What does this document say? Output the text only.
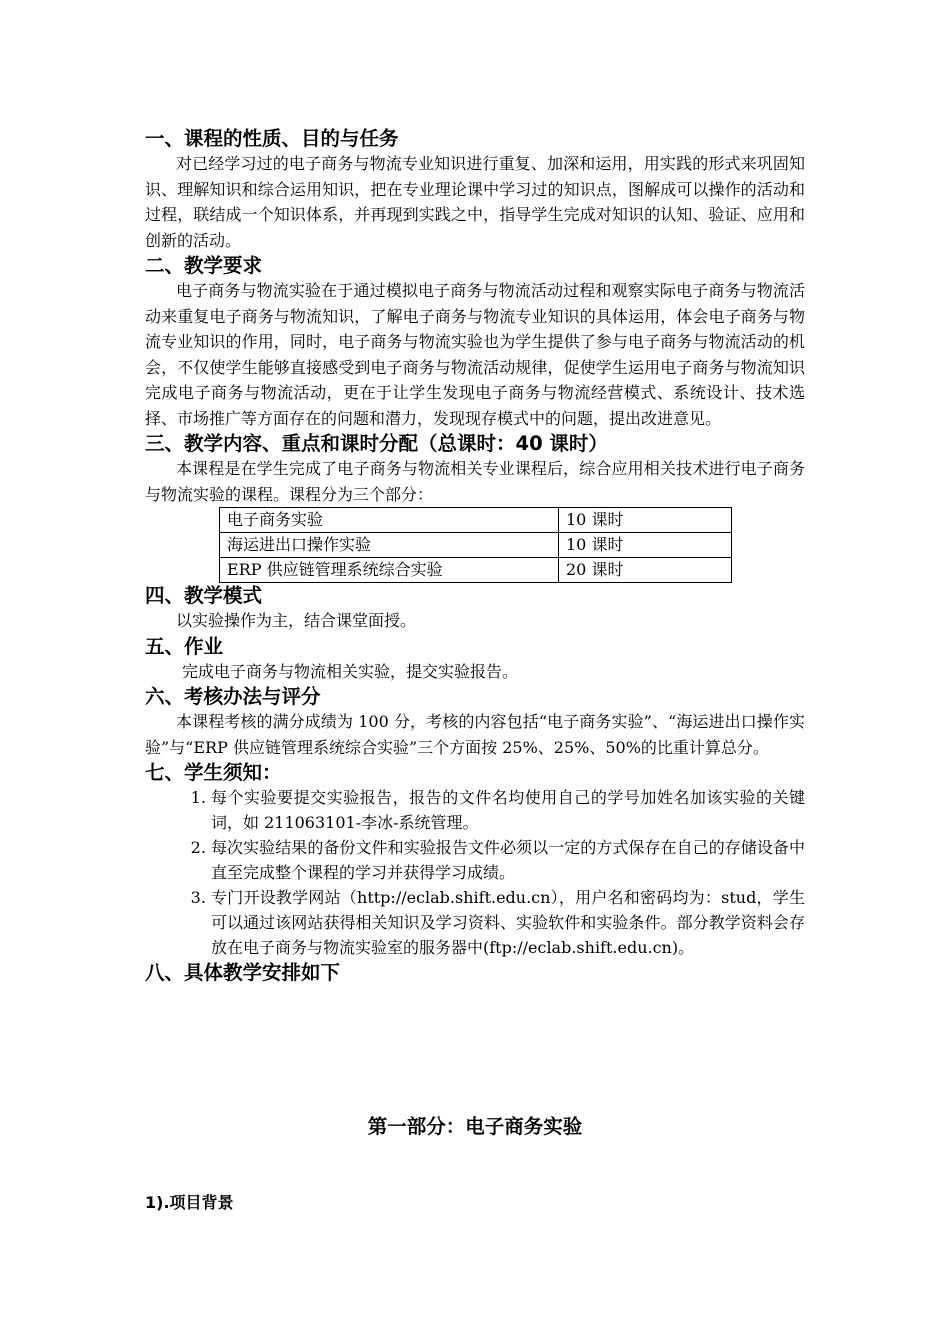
一、课程的性质、目的与任务

对已经学习过的电子商务与物流专业知识进行重复、加深和运用，用实践的形式来巩固知识、理解知识和综合运用知识，把在专业理论课中学习过的知识点，图解成可以操作的活动和过程，联结成一个知识体系，并再现到实践之中，指导学生完成对知识的认知、验证、应用和创新的活动。

二、教学要求

电子商务与物流实验在于通过模拟电子商务与物流活动过程和观察实际电子商务与物流活动来重复电子商务与物流知识，了解电子商务与物流专业知识的具体运用，体会电子商务与物流专业知识的作用，同时，电子商务与物流实验也为学生提供了参与电子商务与物流活动的机会，不仅使学生能够直接感受到电子商务与物流活动规律，促使学生运用电子商务与物流知识完成电子商务与物流活动，更在于让学生发现电子商务与物流经营模式、系统设计、技术选择、市场推广等方面存在的问题和潜力，发现现存模式中的问题，提出改进意见。

三、教学内容、重点和课时分配（总课时：40 课时）

本课程是在学生完成了电子商务与物流相关专业课程后，综合应用相关技术进行电子商务与物流实验的课程。课程分为三个部分：

电子商务实验	10 课时
海运进出口操作实验	10 课时
ERP 供应链管理系统综合实验	20 课时
四、教学模式

以实验操作为主，结合课堂面授。

五、作业

完成电子商务与物流相关实验，提交实验报告。

六、考核办法与评分

本课程考核的满分成绩为 100 分，考核的内容包括“电子商务实验”、“海运进出口操作实验”与“ERP 供应链管理系统综合实验”三个方面按 25%、25%、50%的比重计算总分。

七、学生须知：
1. 每个实验要提交实验报告，报告的文件名均使用自己的学号加姓名加该实验的关键词，如 211063101-李冰-系统管理。
2. 每次实验结果的备份文件和实验报告文件必须以一定的方式保存在自己的存储设备中直至完成整个课程的学习并获得学习成绩。
3. 专门开设教学网站（http://eclab.shift.edu.cn），用户名和密码均为：stud，学生可以通过该网站获得相关知识及学习资料、实验软件和实验条件。部分教学资料会存放在电子商务与物流实验室的服务器中(ftp://eclab.shift.edu.cn)。
八、具体教学安排如下
第一部分：电子商务实验
1).项目背景
